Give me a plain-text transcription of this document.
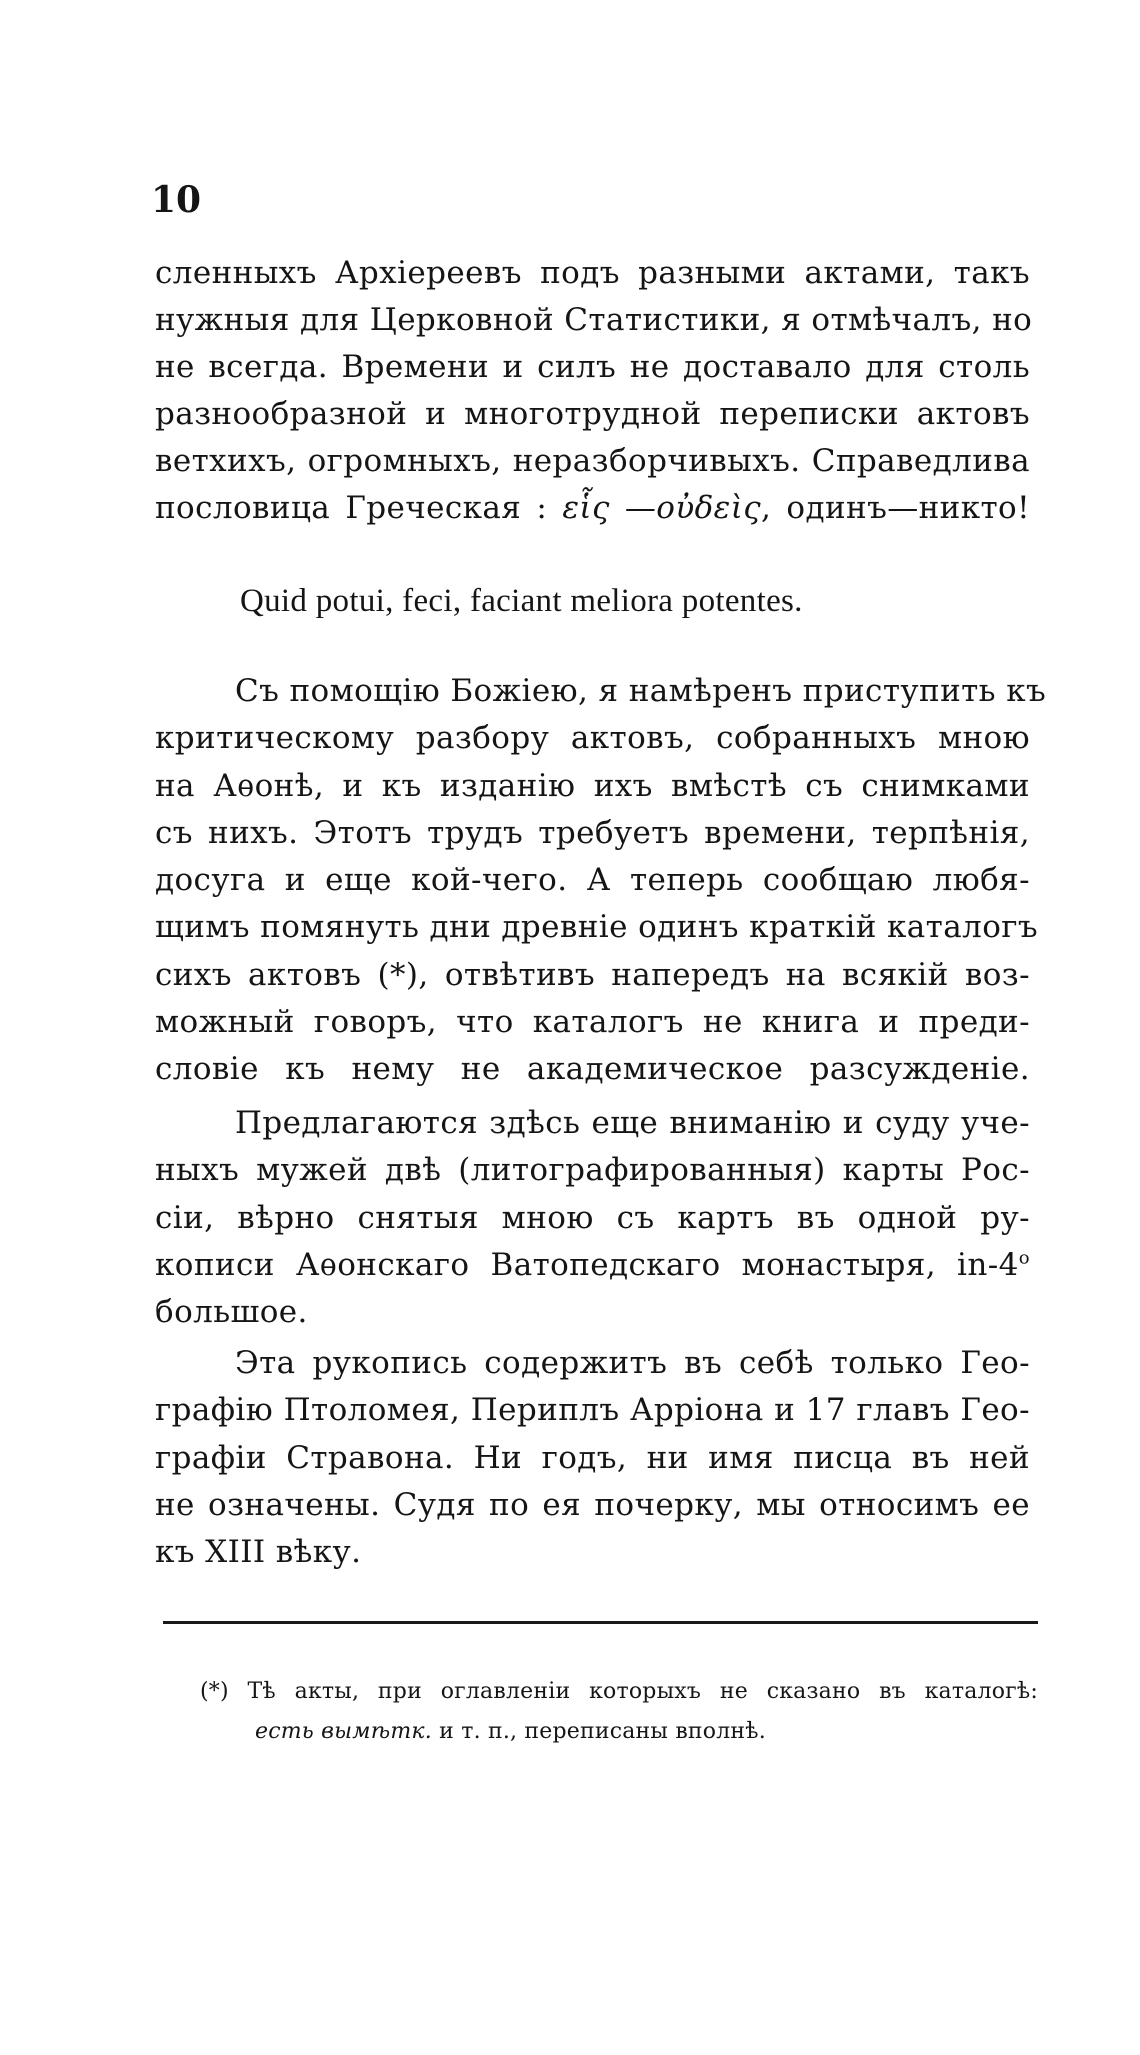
10
сленныхъ Архіереевъ подъ разными актами, такъ
нужныя для Церковной Статистики, я отмѣчалъ, но
не всегда. Времени и силъ не доставало для столь
разнообразной и многотрудной переписки актовъ
ветхихъ, огромныхъ, неразборчивыхъ. Справедлива
пословица Греческая : εἷς —οὐδεὶς, одинъ—никто!
Quid potui, feci, faciant meliora potentes.
Съ помощію Божіею, я намѣренъ приступить къ
критическому разбору актовъ, собранныхъ мною
на Аѳонѣ, и къ изданію ихъ вмѣстѣ съ снимками
съ нихъ. Этотъ трудъ требуетъ времени, терпѣнія,
досуга и еще кой-чего. А теперь сообщаю любя-
щимъ помянуть дни древніе одинъ краткій каталогъ
сихъ актовъ (*), отвѣтивъ напередъ на всякій воз-
можный говоръ, что каталогъ не книга и преди-
словіе къ нему не академическое разсужденіе.
Предлагаются здѣсь еще вниманію и суду уче-
ныхъ мужей двѣ (литографированныя) карты Рос-
сіи, вѣрно снятыя мною съ картъ въ одной ру-
кописи Аѳонскаго Ватопедскаго монастыря, $in-4^о$
большое.
Эта рукопись содержитъ въ себѣ только Гео-
графію Птоломея, Периплъ Арріона и 17 главъ Гео-
графіи Стравона. Ни годъ, ни имя писца въ ней
не означены. Судя по ея почерку, мы относимъ ее
къ XIII вѣку.
(*) Тѣ акты, при оглавленіи которыхъ не сказано въ каталогѣ:
есть вымѣтк. и т. п., переписаны вполнѣ.
